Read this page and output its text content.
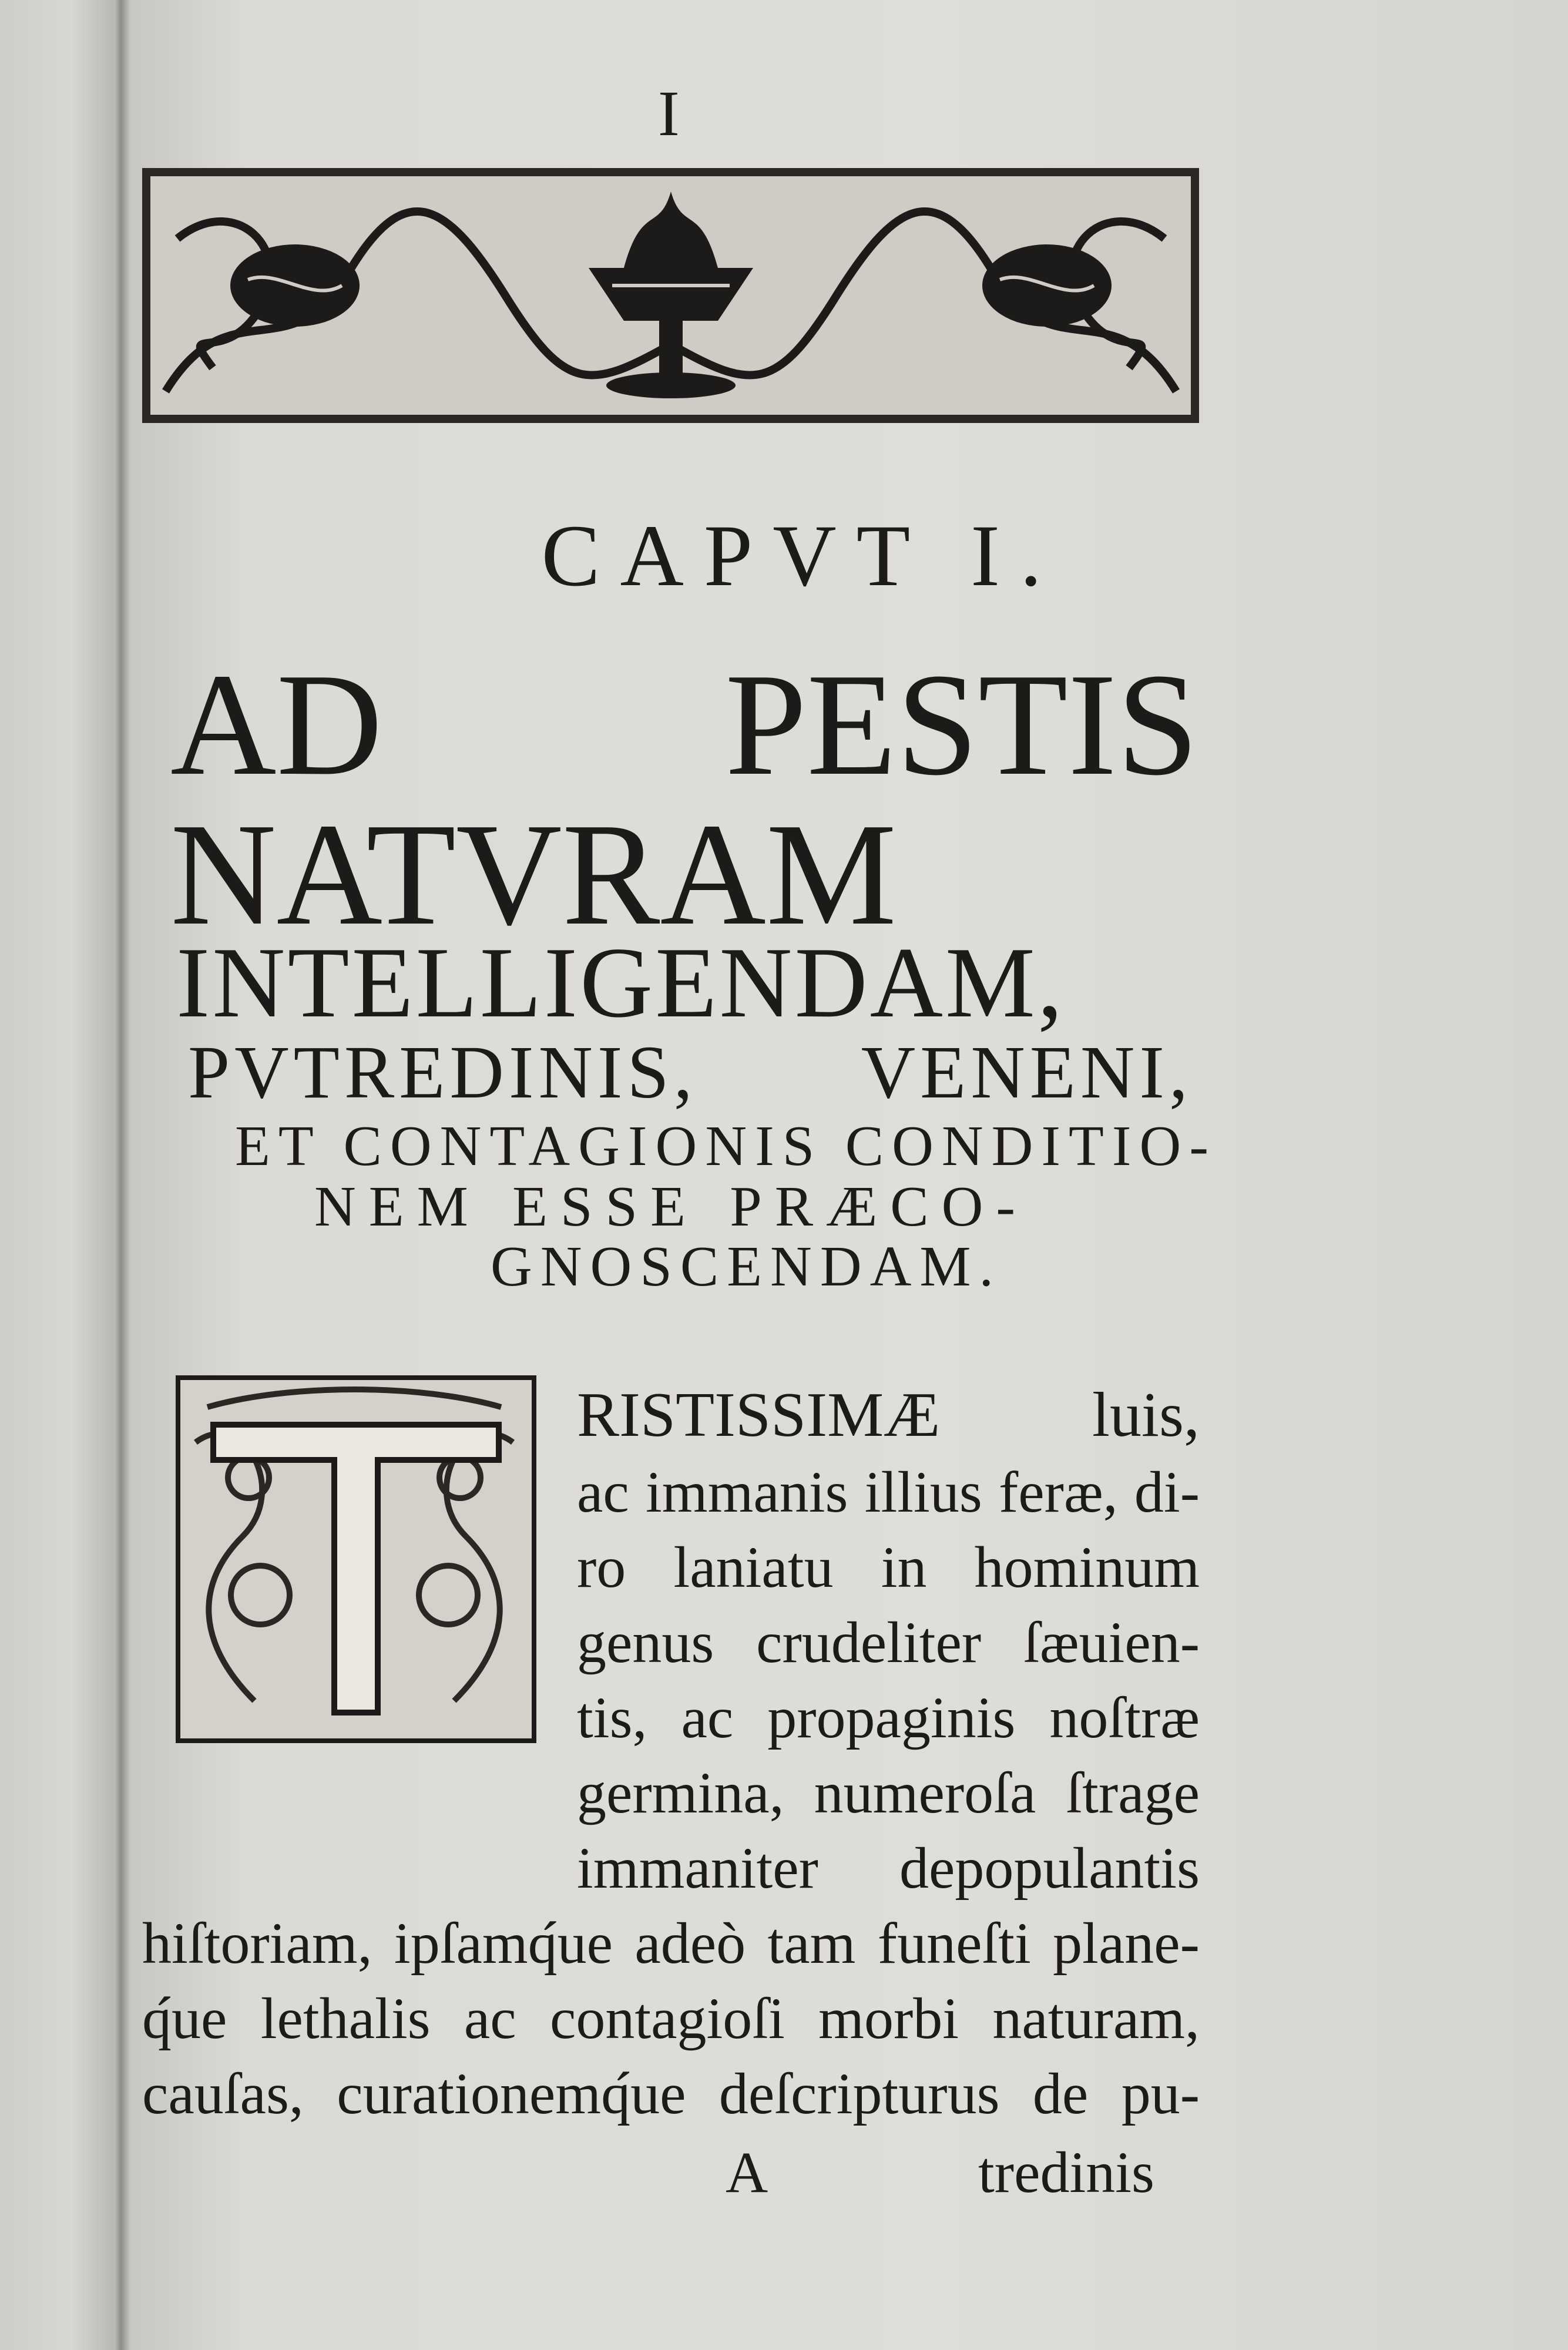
I
CAPVT I.
AD PESTIS
NATVRAM
INTELLIGENDAM,
PVTREDINIS, VENENI,
ET CONTAGIONIS CONDITIO-
NEM ESSE PRÆCO-
GNOSCENDAM.
RISTISSIMÆ luis,
ac immanis illius feræ, di-
ro laniatu in hominum
genus crudeliter ſæuien-
tis, ac propaginis noſtræ
germina, numeroſa ſtrage
immaniter depopulantis
hiſtoriam, ipſamq́ue adeò tam funeſti plane-
q́ue lethalis ac contagioſi morbi naturam,
cauſas, curationemq́ue deſcripturus de pu-
A	tredinis
